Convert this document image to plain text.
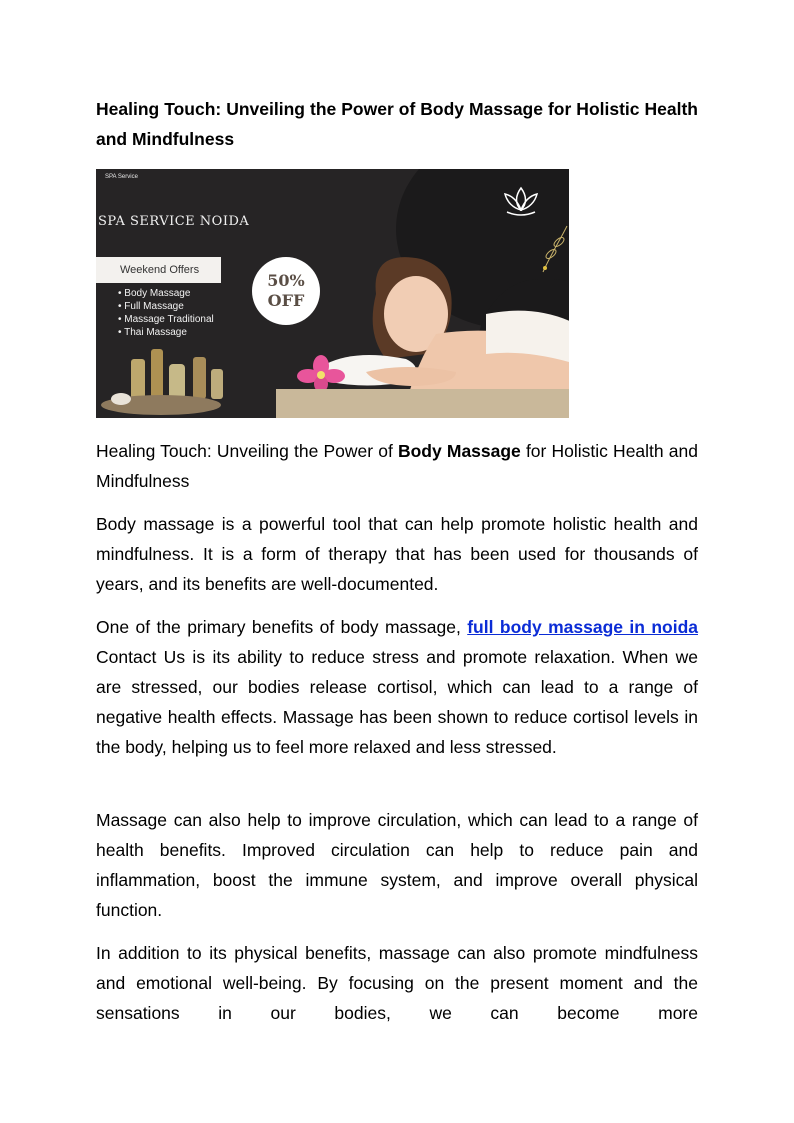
Healing Touch: Unveiling the Power of Body Massage for Holistic Health and Mindfulness
SPA Service
SPA SERVICE NOIDA
Weekend Offers
• Body Massage
• Full Massage
• Massage Traditional
• Thai Massage
50%
OFF

Healing Touch: Unveiling the Power of Body Massage for Holistic Health and Mindfulness

Body massage is a powerful tool that can help promote holistic health and mindfulness. It is a form of therapy that has been used for thousands of years, and its benefits are well-documented.

One of the primary benefits of body massage, full body massage in noida Contact Us is its ability to reduce stress and promote relaxation. When we are stressed, our bodies release cortisol, which can lead to a range of negative health effects. Massage has been shown to reduce cortisol levels in the body, helping us to feel more relaxed and less stressed.

Massage can also help to improve circulation, which can lead to a range of health benefits. Improved circulation can help to reduce pain and inflammation, boost the immune system, and improve overall physical function.

In addition to its physical benefits, massage can also promote mindfulness and emotional well-being. By focusing on the present moment and the sensations in our bodies, we can become more
